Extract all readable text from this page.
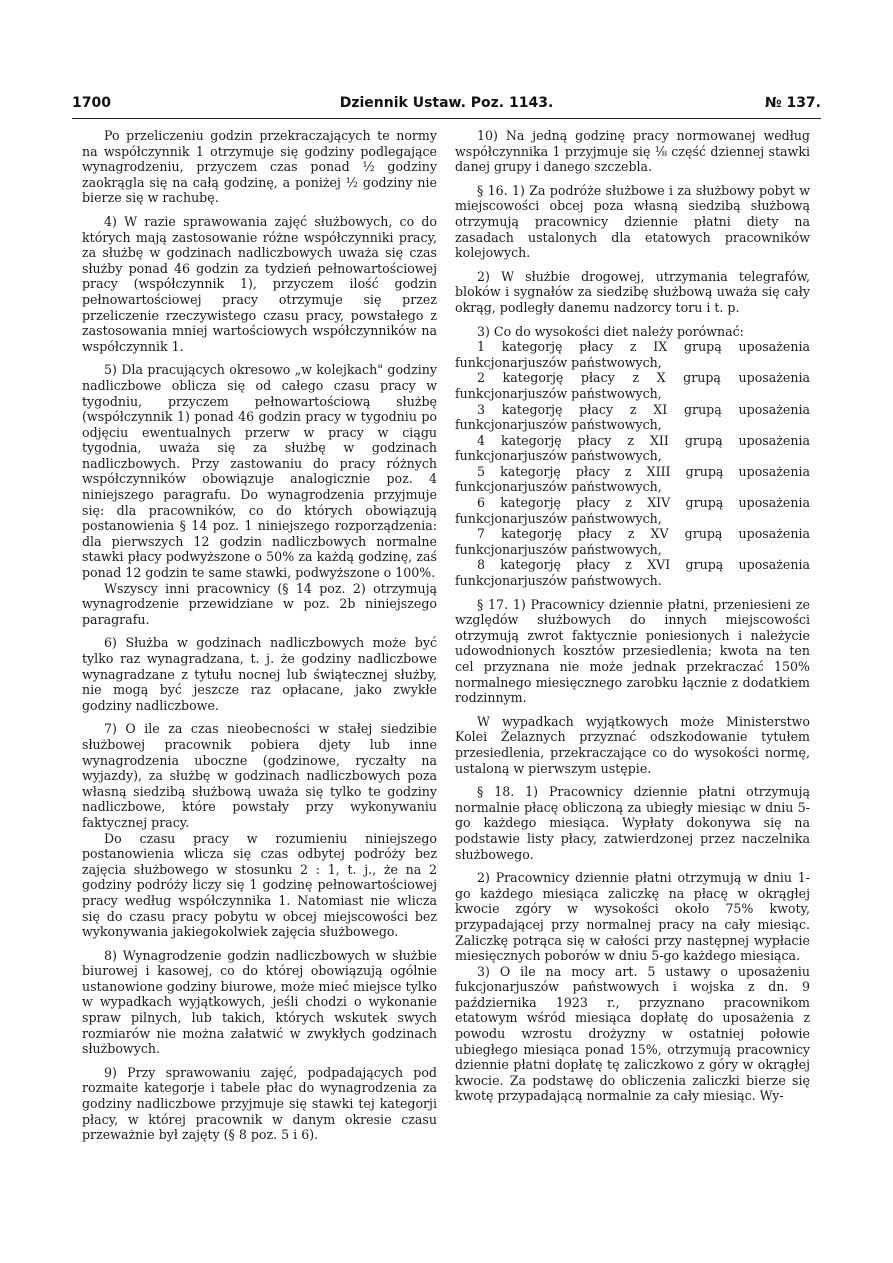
1700	Dziennik Ustaw. Poz. 1143.	№ 137.

Po przeliczeniu godzin przekraczających te normy na współczynnik 1 otrzymuje się godziny podlegające wynagrodzeniu, przyczem czas ponad ½ godziny zaokrągla się na całą godzinę, a poniżej ½ godziny nie bierze się w rachubę.

4) W razie sprawowania zajęć służbowych, co do których mają zastosowanie różne współczynniki pracy, za służbę w godzinach nadliczbowych uważa się czas służby ponad 46 godzin za tydzień pełnowartościowej pracy (współczynnik 1), przyczem ilość godzin pełnowartościowej pracy otrzymuje się przez przeliczenie rzeczywistego czasu pracy, powstałego z zastosowania mniej wartościowych współczynników na współczynnik 1.

5) Dla pracujących okresowo „w kolejkach" godziny nadliczbowe oblicza się od całego czasu pracy w tygodniu, przyczem pełnowartościową służbę (współczynnik 1) ponad 46 godzin pracy w tygodniu po odjęciu ewentualnych przerw w pracy w ciągu tygodnia, uważa się za służbę w godzinach nadliczbowych. Przy zastowaniu do pracy różnych współczynników obowiązuje analogicznie poz. 4 niniejszego paragrafu. Do wynagrodzenia przyjmuje się: dla pracowników, co do których obowiązują postanowienia § 14 poz. 1 niniejszego rozporządzenia: dla pierwszych 12 godzin nadliczbowych normalne stawki płacy podwyższone o 50% za każdą godzinę, zaś ponad 12 godzin te same stawki, podwyższone o 100%.

Wszyscy inni pracownicy (§ 14 poz. 2) otrzymują wynagrodzenie przewidziane w poz. 2b niniejszego paragrafu.

6) Służba w godzinach nadliczbowych może być tylko raz wynagradzana, t. j. że godziny nadliczbowe wynagradzane z tytułu nocnej lub świątecznej służby, nie mogą być jeszcze raz opłacane, jako zwykłe godziny nadliczbowe.

7) O ile za czas nieobecności w stałej siedzibie służbowej pracownik pobiera djety lub inne wynagrodzenia uboczne (godzinowe, ryczałty na wyjazdy), za służbę w godzinach nadliczbowych poza własną siedzibą służbową uważa się tylko te godziny nadliczbowe, które powstały przy wykonywaniu faktycznej pracy.

Do czasu pracy w rozumieniu niniejszego postanowienia wlicza się czas odbytej podróży bez zajęcia służbowego w stosunku 2 : 1, t. j., że na 2 godziny podróży liczy się 1 godzinę pełnowartościowej pracy według współczynnika 1. Natomiast nie wlicza się do czasu pracy pobytu w obcej miejscowości bez wykonywania jakiegokolwiek zajęcia służbowego.

8) Wynagrodzenie godzin nadliczbowych w służbie biurowej i kasowej, co do której obowiązują ogólnie ustanowione godziny biurowe, może mieć miejsce tylko w wypadkach wyjątkowych, jeśli chodzi o wykonanie spraw pilnych, lub takich, których wskutek swych rozmiarów nie można załatwić w zwykłych godzinach służbowych.

9) Przy sprawowaniu zajęć, podpadających pod rozmaite kategorje i tabele płac do wynagrodzenia za godziny nadliczbowe przyjmuje się stawki tej kategorji płacy, w której pracownik w danym okresie czasu przeważnie był zajęty (§ 8 poz. 5 i 6).

10) Na jedną godzinę pracy normowanej według współczynnika 1 przyjmuje się ⅛ część dziennej stawki danej grupy i danego szczebla.

§ 16. 1) Za podróże służbowe i za służbowy pobyt w miejscowości obcej poza własną siedzibą służbową otrzymują pracownicy dziennie płatni diety na zasadach ustalonych dla etatowych pracowników kolejowych.

2) W służbie drogowej, utrzymania telegrafów, bloków i sygnałów za siedzibę służbową uważa się cały okrąg, podległy danemu nadzorcy toru i t. p.

3) Co do wysokości diet należy porównać:

1 kategorję płacy z IX grupą uposażenia funkcjonarjuszów państwowych,

2 kategorję płacy z X grupą uposażenia funkcjonarjuszów państwowych,

3 kategorję płacy z XI grupą uposażenia funkcjonarjuszów państwowych,

4 kategorję płacy z XII grupą uposażenia funkcjonarjuszów państwowych,

5 kategorję płacy z XIII grupą uposażenia funkcjonarjuszów państwowych,

6 kategorję płacy z XIV grupą uposażenia funkcjonarjuszów państwowych,

7 kategorję płacy z XV grupą uposażenia funkcjonarjuszów państwowych,

8 kategorję płacy z XVI grupą uposażenia funkcjonarjuszów państwowych.

§ 17. 1) Pracownicy dziennie płatni, przeniesieni ze względów służbowych do innych miejscowości otrzymują zwrot faktycznie poniesionych i należycie udowodnionych kosztów przesiedlenia; kwota na ten cel przyznana nie może jednak przekraczać 150% normalnego miesięcznego zarobku łącznie z dodatkiem rodzinnym.

W wypadkach wyjątkowych może Ministerstwo Kolei Żelaznych przyznać odszkodowanie tytułem przesiedlenia, przekraczające co do wysokości normę, ustaloną w pierwszym ustępie.

§ 18. 1) Pracownicy dziennie płatni otrzymują normalnie płacę obliczoną za ubiegły miesiąc w dniu 5-go każdego miesiąca. Wypłaty dokonywa się na podstawie listy płacy, zatwierdzonej przez naczelnika służbowego.

2) Pracownicy dziennie płatni otrzymują w dniu 1-go każdego miesiąca zaliczkę na płacę w okrągłej kwocie zgóry w wysokości około 75% kwoty, przypadającej przy normalnej pracy na cały miesiąc. Zaliczkę potrąca się w całości przy następnej wypłacie miesięcznych poborów w dniu 5-go każdego miesiąca.

3) O ile na mocy art. 5 ustawy o uposażeniu fukcjonarjuszów państwowych i wojska z dn. 9 października 1923 r., przyznano pracownikom etatowym wśród miesiąca dopłatę do uposażenia z powodu wzrostu drożyzny w ostatniej połowie ubiegłego miesiąca ponad 15%, otrzymują pracownicy dziennie płatni dopłatę tę zaliczkowo z góry w okrągłej kwocie. Za podstawę do obliczenia zaliczki bierze się kwotę przypadającą normalnie za cały miesiąc. Wy-
